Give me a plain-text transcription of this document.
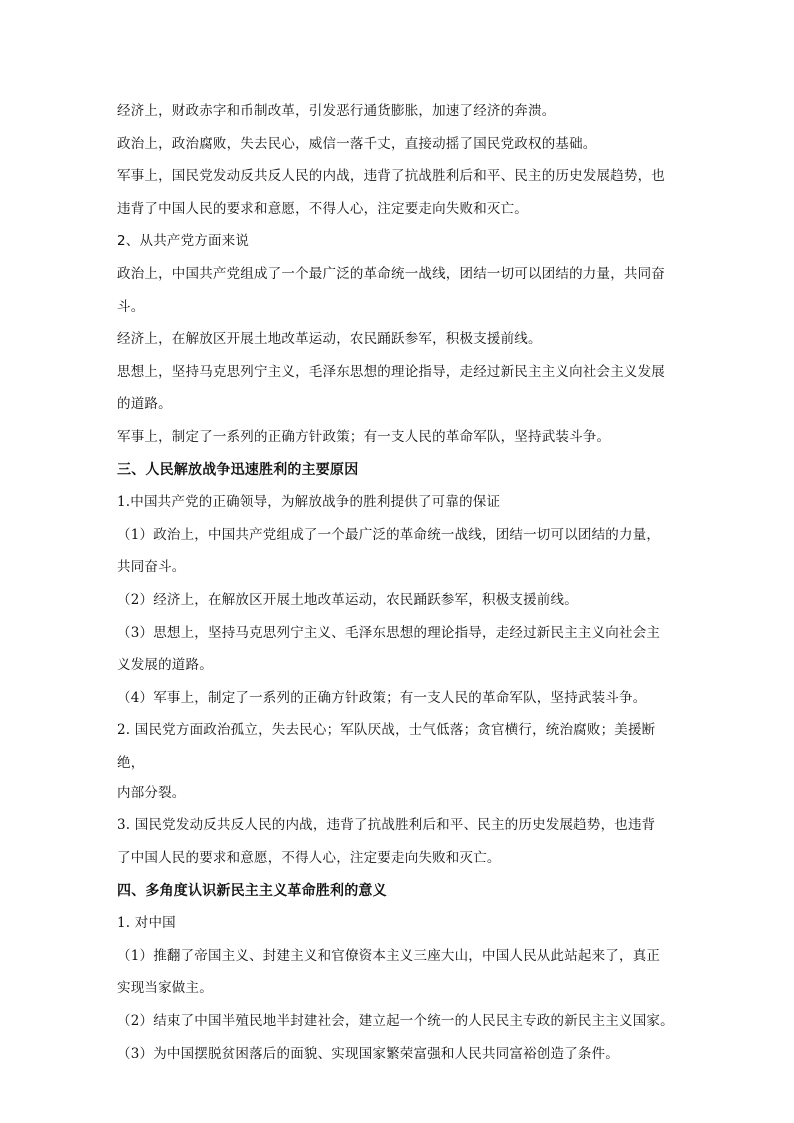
经济上，财政赤字和币制改革，引发恶行通货膨胀，加速了经济的奔溃。
政治上，政治腐败，失去民心，威信一落千丈，直接动摇了国民党政权的基础。
军事上，国民党发动反共反人民的内战，违背了抗战胜利后和平、民主的历史发展趋势，也
违背了中国人民的要求和意愿，不得人心，注定要走向失败和灭亡。
2、从共产党方面来说
政治上，中国共产党组成了一个最广泛的革命统一战线，团结一切可以团结的力量，共同奋
斗。
经济上，在解放区开展土地改革运动，农民踊跃参军，积极支援前线。
思想上，坚持马克思列宁主义，毛泽东思想的理论指导，走经过新民主主义向社会主义发展
的道路。
军事上，制定了一系列的正确方针政策；有一支人民的革命军队，坚持武装斗争。
三、人民解放战争迅速胜利的主要原因
1.中国共产党的正确领导，为解放战争的胜利提供了可靠的保证
（1）政治上，中国共产党组成了一个最广泛的革命统一战线，团结一切可以团结的力量，
共同奋斗。
（2）经济上，在解放区开展土地改革运动，农民踊跃参军，积极支援前线。
（3）思想上，坚持马克思列宁主义、毛泽东思想的理论指导，走经过新民主主义向社会主
义发展的道路。
（4）军事上，制定了一系列的正确方针政策；有一支人民的革命军队，坚持武装斗争。
2. 国民党方面政治孤立，失去民心；军队厌战，士气低落；贪官横行，统治腐败；美援断
绝，
内部分裂。
3. 国民党发动反共反人民的内战，违背了抗战胜利后和平、民主的历史发展趋势，也违背
了中国人民的要求和意愿，不得人心，注定要走向失败和灭亡。
四、多角度认识新民主主义革命胜利的意义
1. 对中国
（1）推翻了帝国主义、封建主义和官僚资本主义三座大山，中国人民从此站起来了，真正
实现当家做主。
（2）结束了中国半殖民地半封建社会，建立起一个统一的人民民主专政的新民主主义国家。
（3）为中国摆脱贫困落后的面貌、实现国家繁荣富强和人民共同富裕创造了条件。
